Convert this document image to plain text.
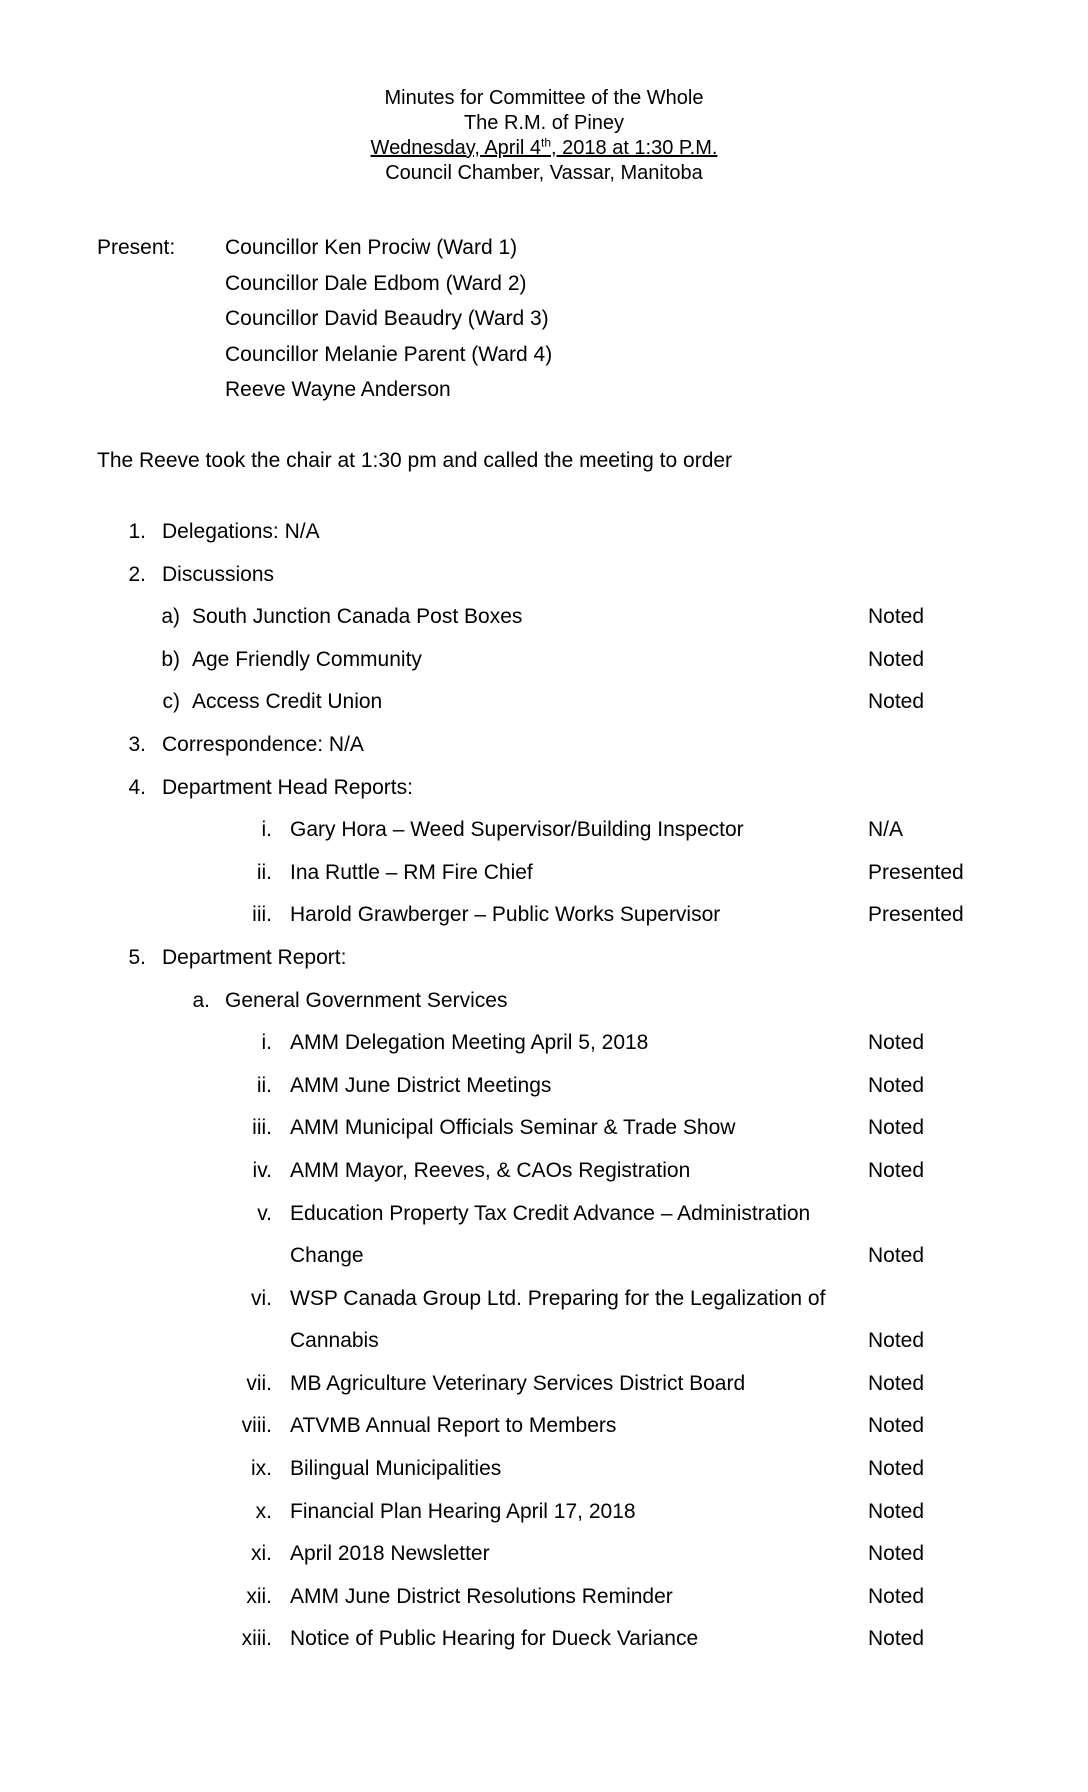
Minutes for Committee of the Whole
The R.M. of Piney
Wednesday, April 4th, 2018 at 1:30 P.M.
Council Chamber, Vassar, Manitoba
Present: Councillor Ken Prociw (Ward 1)
Councillor Dale Edbom (Ward 2)
Councillor David Beaudry (Ward 3)
Councillor Melanie Parent (Ward 4)
Reeve Wayne Anderson
The Reeve took the chair at 1:30 pm and called the meeting to order
1. Delegations: N/A
2. Discussions
a) South Junction Canada Post Boxes	Noted
b) Age Friendly Community	Noted
c) Access Credit Union	Noted
3. Correspondence: N/A
4. Department Head Reports:
i. Gary Hora – Weed Supervisor/Building Inspector	N/A
ii. Ina Ruttle – RM Fire Chief	Presented
iii. Harold Grawberger – Public Works Supervisor	Presented
5. Department Report:
a. General Government Services
i. AMM Delegation Meeting April 5, 2018	Noted
ii. AMM June District Meetings	Noted
iii. AMM Municipal Officials Seminar & Trade Show	Noted
iv. AMM Mayor, Reeves, & CAOs Registration	Noted
v. Education Property Tax Credit Advance – Administration
Change	Noted
vi. WSP Canada Group Ltd. Preparing for the Legalization of
Cannabis	Noted
vii. MB Agriculture Veterinary Services District Board	Noted
viii. ATVMB Annual Report to Members	Noted
ix. Bilingual Municipalities	Noted
x. Financial Plan Hearing April 17, 2018	Noted
xi. April 2018 Newsletter	Noted
xii. AMM June District Resolutions Reminder	Noted
xiii. Notice of Public Hearing for Dueck Variance	Noted
